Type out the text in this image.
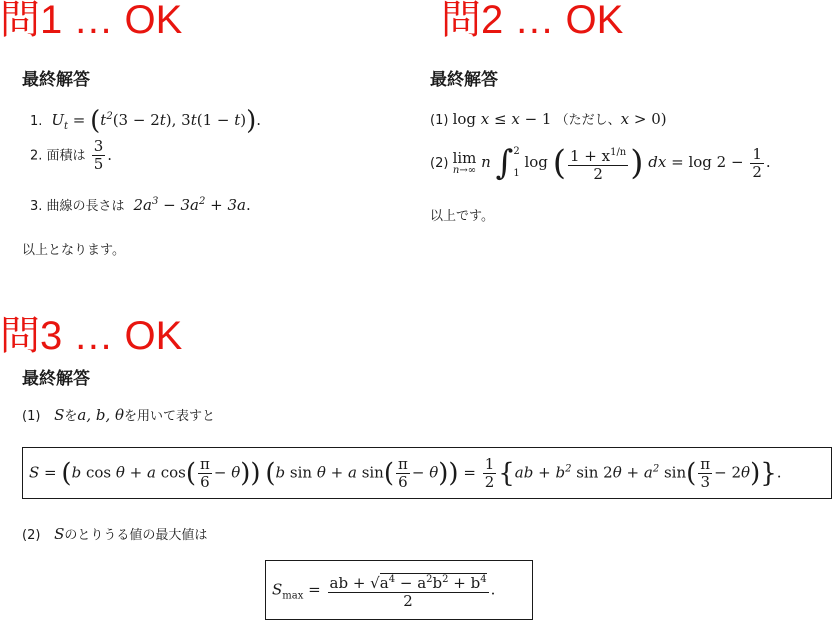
問1 … OK
最終解答
1.  $U_t = (t^2(3 - 2t)$, 3t(1 − t)).
2. 面積は $\frac{3}{5}$ .
3. 曲線の長さは  $2a^3 - 3a^2 + 3a$.
以上となります。
問2 … OK
最終解答
(1) log x ≤ x − 1 （ただし、x > 0)
(2) lim
n→∞ n ∫ 2
1
log ( $\frac{1 + x^{1/n}}{2}$ ) dx = $\log 2 - \frac{1}{2}$ .
以上です。
問3 … OK
最終解答
(1)   Sをa, b, θを用いて表すと
S = (b cos θ + a $\cos( \frac{\pi}{6} - \theta)$) (b sin θ + a $\sin( \frac{\pi}{6} - \theta)) = \frac{1}{2} \{ab + b^2$ $\sin 2\theta + a^2$ $\sin( \frac{\pi}{3} - 2\theta)$}.
(2)   Sのとりうる値の最大値は
$S_{max} = \frac{ab + √a^4 - a^2b^2 + b^4}{2}$ .
